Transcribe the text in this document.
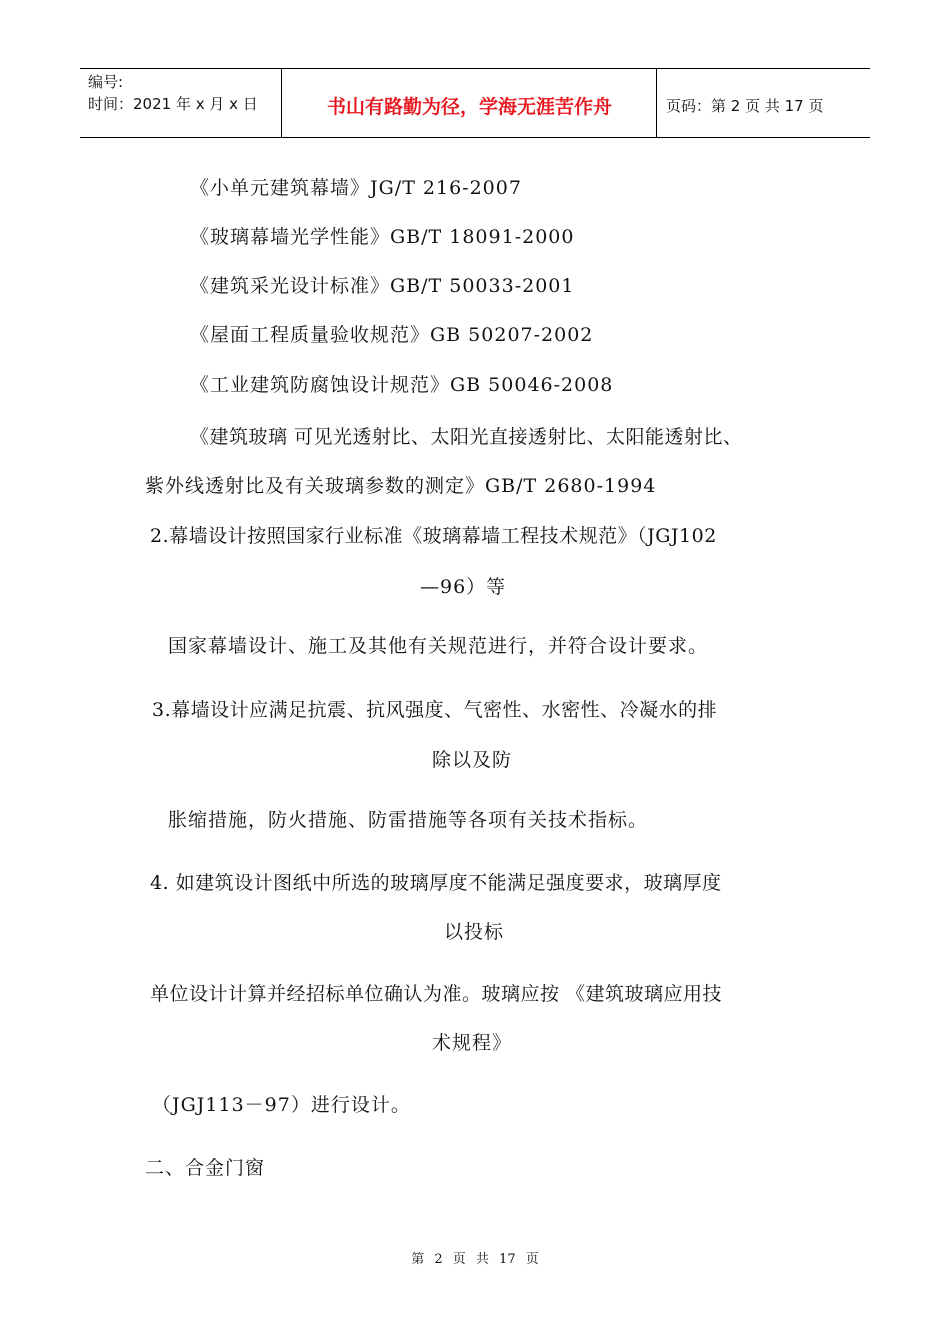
编号:
时间：2021 年 x 月 x 日	书山有路勤为径，学海无涯苦作舟	页码：第 2 页 共 17 页
《小单元建筑幕墙》JG/T 216-2007
《玻璃幕墙光学性能》GB/T 18091-2000
《建筑采光设计标准》GB/T 50033-2001
《屋面工程质量验收规范》GB 50207-2002
《工业建筑防腐蚀设计规范》GB 50046-2008
《建筑玻璃 可见光透射比、太阳光直接透射比、太阳能透射比、
紫外线透射比及有关玻璃参数的测定》GB/T 2680-1994
2.幕墙设计按照国家行业标准《玻璃幕墙工程技术规范》（JGJ102
—96）等
国家幕墙设计、施工及其他有关规范进行，并符合设计要求。
3.幕墙设计应满足抗震、抗风强度、气密性、水密性、冷凝水的排
除以及防
胀缩措施，防火措施、防雷措施等各项有关技术指标。
4. 如建筑设计图纸中所选的玻璃厚度不能满足强度要求，玻璃厚度
以投标
单位设计计算并经招标单位确认为准。玻璃应按 《建筑玻璃应用技
术规程》
（JGJ113－97）进行设计。
二、合金门窗
第 2 页 共 17 页
